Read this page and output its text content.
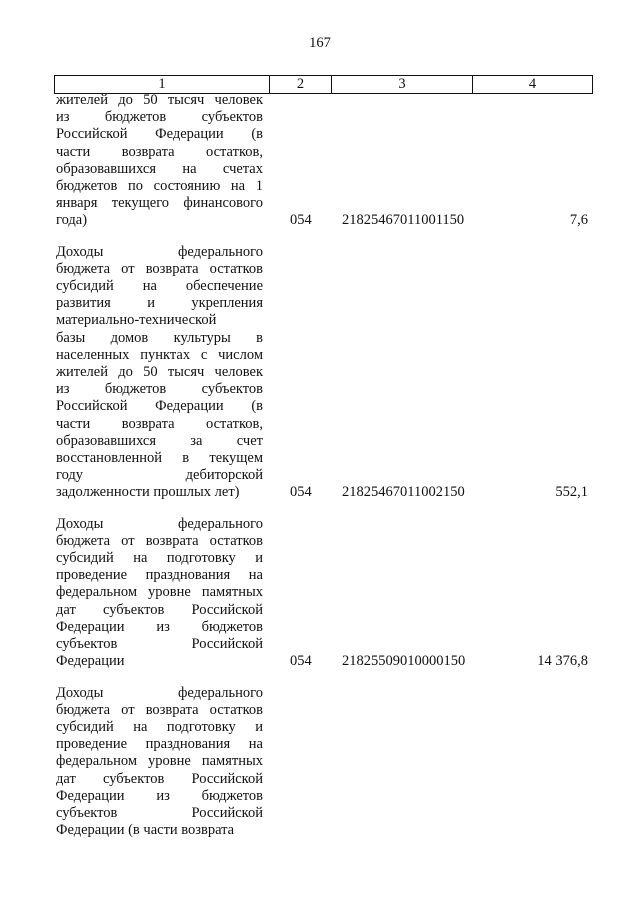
167
1	2	3	4
жителей до 50 тысяч человек
из бюджетов субъектов
Российской Федерации (в
части возврата остатков,
образовавшихся на счетах
бюджетов по состоянию на 1
января текущего финансового
года)	054 21825467011001150	7,6
Доходы федерального
бюджета от возврата остатков
субсидий на обеспечение
развития и укрепления
материально-технической
базы домов культуры в
населенных пунктах с числом
жителей до 50 тысяч человек
из бюджетов субъектов
Российской Федерации (в
части возврата остатков,
образовавшихся за счет
восстановленной в текущем
году дебиторской
задолженности прошлых лет)	054 21825467011002150	552,1
Доходы федерального
бюджета от возврата остатков
субсидий на подготовку и
проведение празднования на
федеральном уровне памятных
дат субъектов Российской
Федерации из бюджетов
субъектов Российской
Федерации	054 21825509010000150	14 376,8
Доходы федерального
бюджета от возврата остатков
субсидий на подготовку и
проведение празднования на
федеральном уровне памятных
дат субъектов Российской
Федерации из бюджетов
субъектов Российской
Федерации (в части возврата
